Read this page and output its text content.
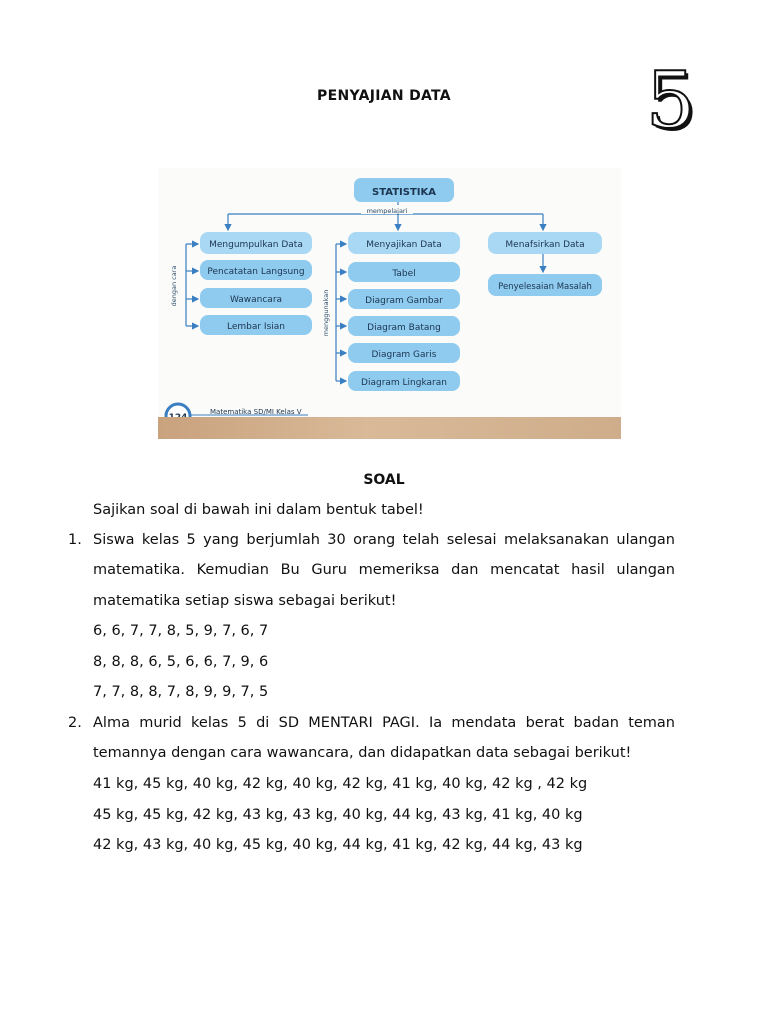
PENYAJIAN DATA	5
STATISTIKA
mempelajari
dengan cara
menggunakan
Mengumpulkan Data
Pencatatan Langsung
Wawancara
Lembar Isian
Menyajikan Data
Tabel
Diagram Gambar
Diagram Batang
Diagram Garis
Diagram Lingkaran
Menafsirkan Data
Penyelesaian Masalah
Matematika SD/MI Kelas V
SOAL
Sajikan soal di bawah ini dalam bentuk tabel!
1. Siswa kelas 5 yang berjumlah 30 orang telah selesai melaksanakan ulangan
matematika. Kemudian Bu Guru memeriksa dan mencatat hasil ulangan
matematika setiap siswa sebagai berikut!
6, 6, 7, 7, 8, 5, 9, 7, 6, 7
8, 8, 8, 6, 5, 6, 6, 7, 9, 6
7, 7, 8, 8, 7, 8, 9, 9, 7, 5
2. Alma murid kelas 5 di SD MENTARI PAGI. Ia mendata berat badan teman
temannya dengan cara wawancara, dan didapatkan data sebagai berikut!
41 kg, 45 kg, 40 kg, 42 kg, 40 kg, 42 kg, 41 kg, 40 kg, 42 kg , 42 kg
45 kg, 45 kg, 42 kg, 43 kg, 43 kg, 40 kg, 44 kg, 43 kg, 41 kg, 40 kg
42 kg, 43 kg, 40 kg, 45 kg, 40 kg, 44 kg, 41 kg, 42 kg, 44 kg, 43 kg
